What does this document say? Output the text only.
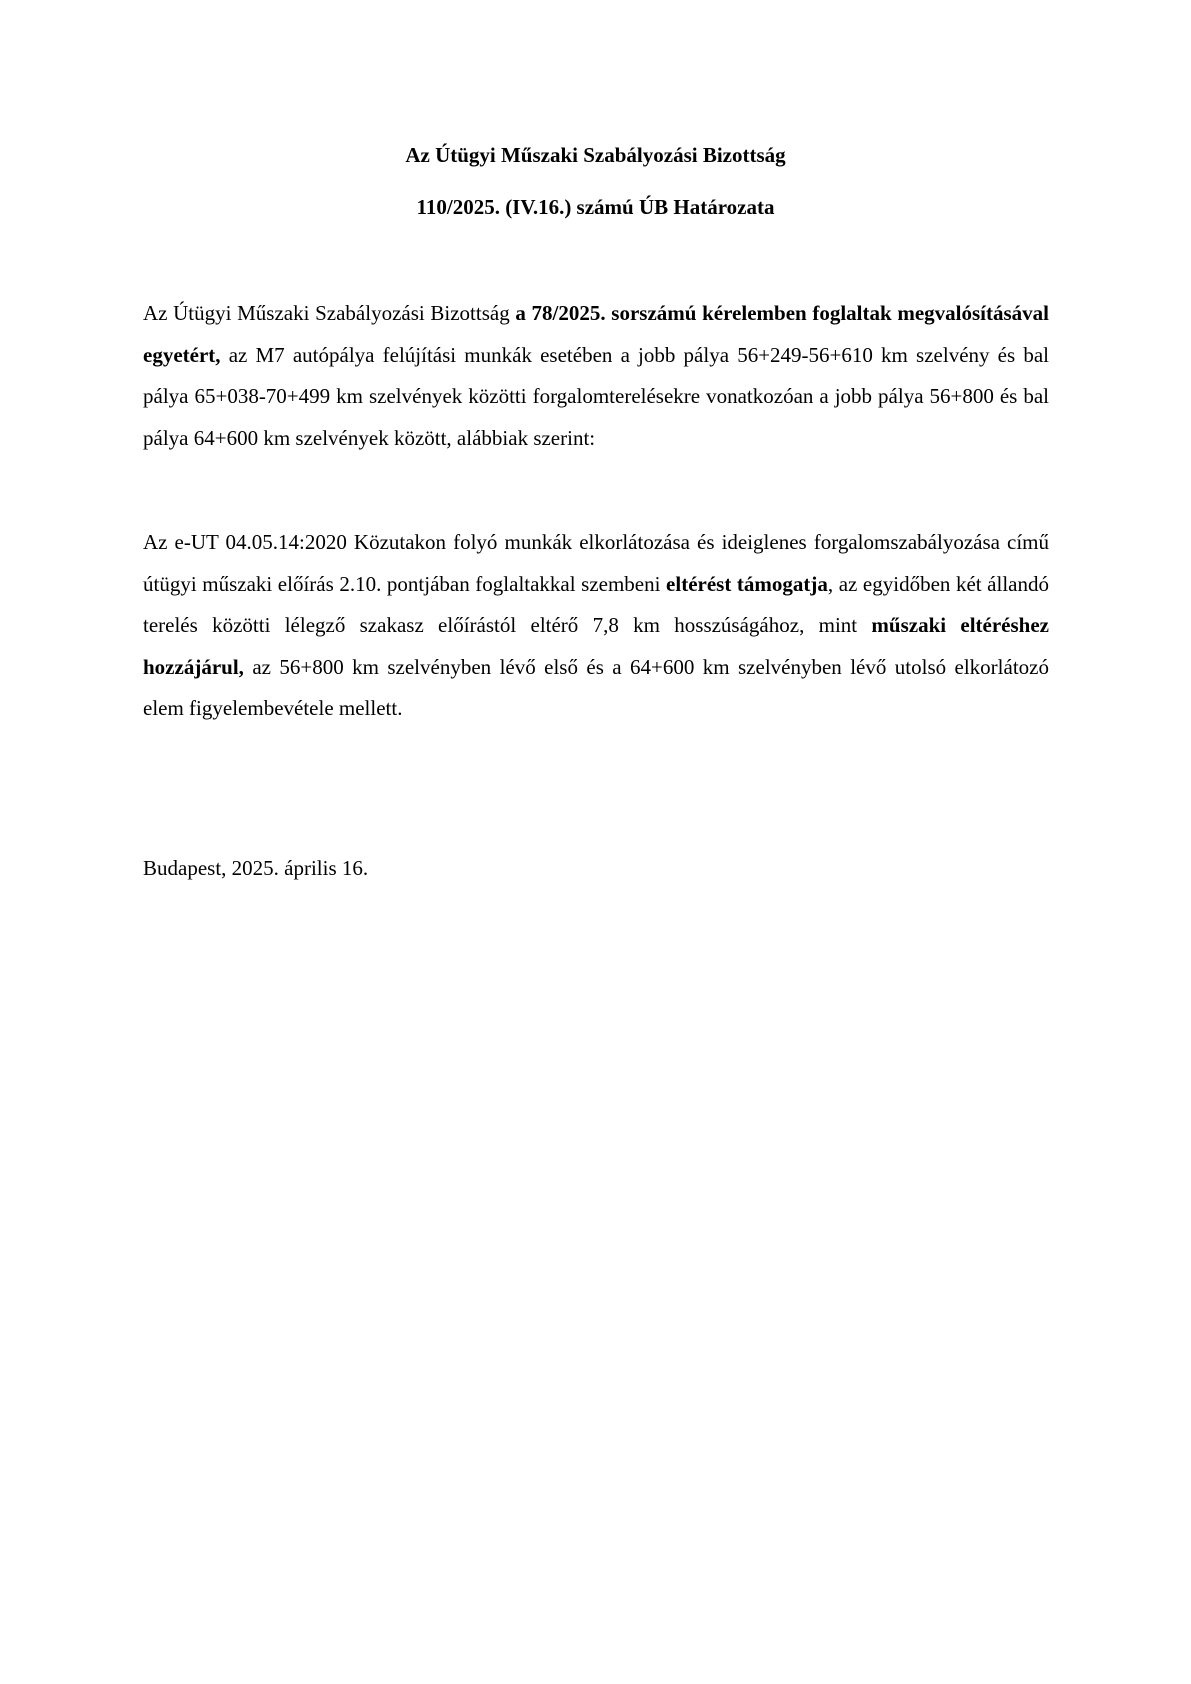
Az Útügyi Műszaki Szabályozási Bizottság
110/2025. (IV.16.) számú ÚB Határozata
Az Útügyi Műszaki Szabályozási Bizottság a 78/2025. sorszámú kérelemben foglaltak megvalósításával egyetért, az M7 autópálya felújítási munkák esetében a jobb pálya 56+249-56+610 km szelvény és bal pálya 65+038-70+499 km szelvények közötti forgalomterelésekre vonatkozóan a jobb pálya 56+800 és bal pálya 64+600 km szelvények között, alábbiak szerint:
Az e-UT 04.05.14:2020 Közutakon folyó munkák elkorlátozása és ideiglenes forgalomszabályozása című útügyi műszaki előírás 2.10. pontjában foglaltakkal szembeni eltérést támogatja, az egyidőben két állandó terelés közötti lélegző szakasz előírástól eltérő 7,8 km hosszúságához, mint műszaki eltéréshez hozzájárul, az 56+800 km szelvényben lévő első és a 64+600 km szelvényben lévő utolsó elkorlátozó elem figyelembevétele mellett.
Budapest, 2025. április 16.
